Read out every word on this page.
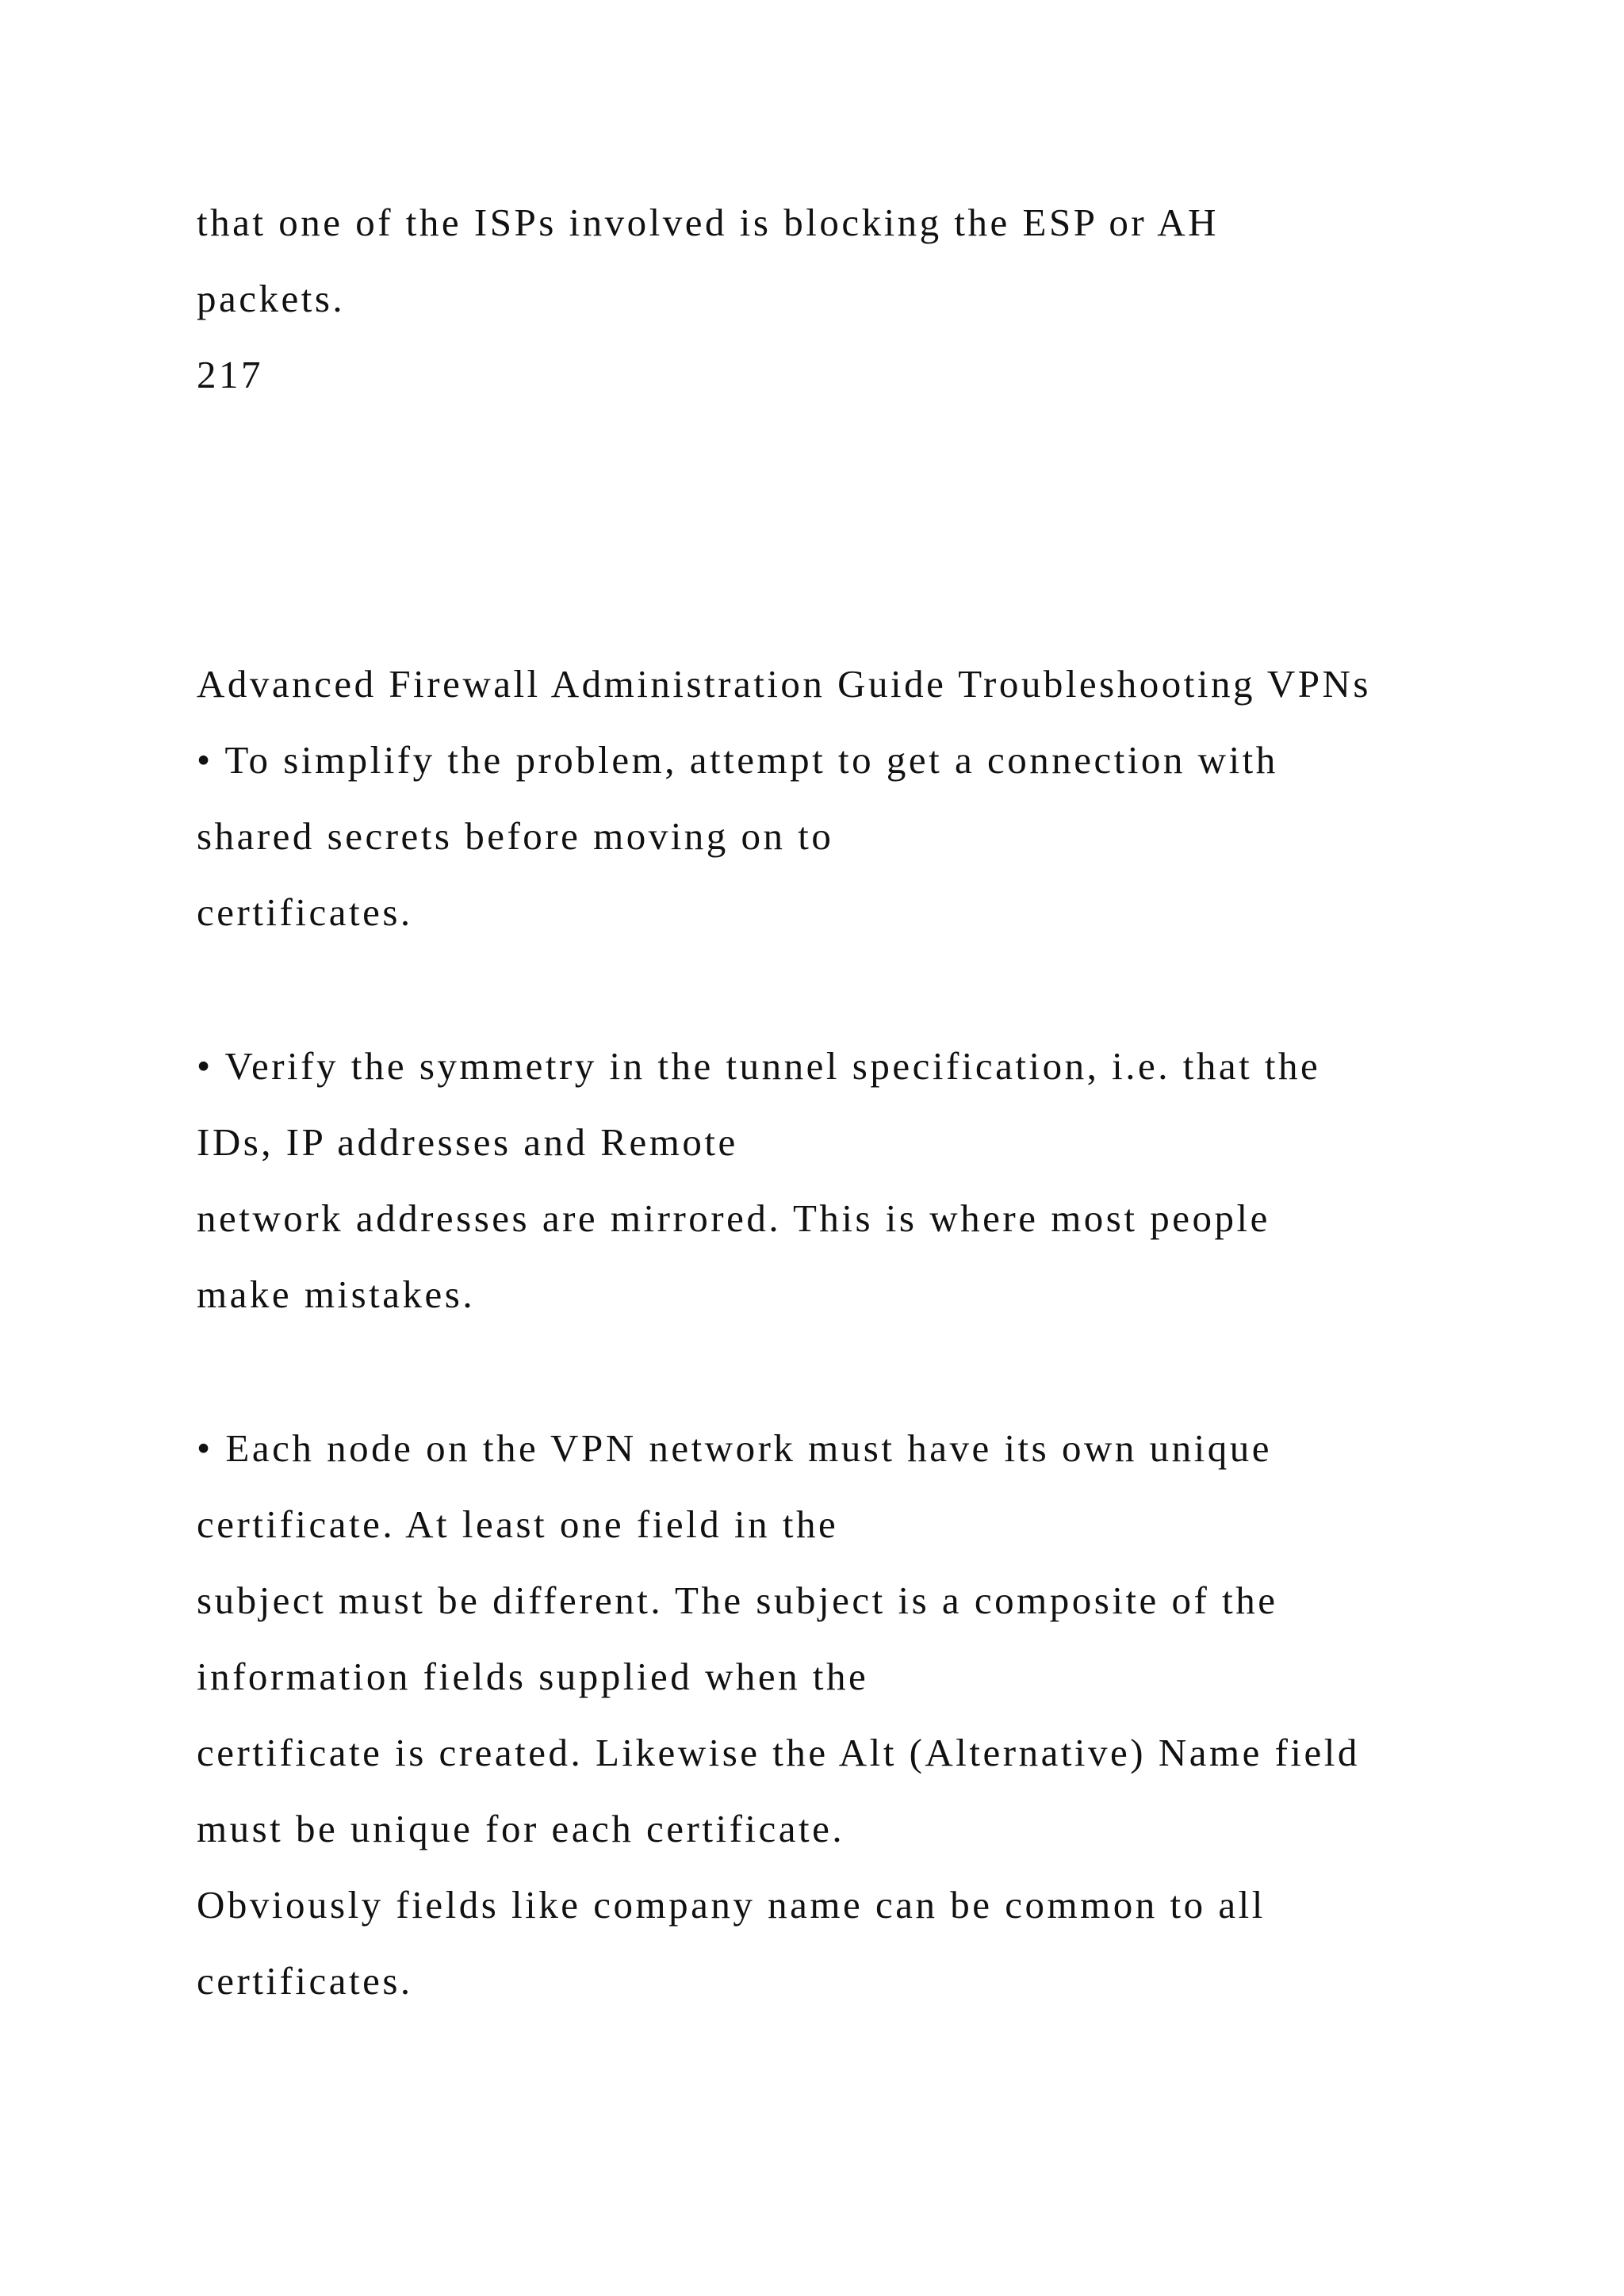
that one of the ISPs involved is blocking the ESP or AH

packets.

217

Advanced Firewall Administration Guide Troubleshooting VPNs

• To simplify the problem, attempt to get a connection with

shared secrets before moving on to

certificates.

• Verify the symmetry in the tunnel specification, i.e. that the

IDs, IP addresses and Remote

network addresses are mirrored. This is where most people

make mistakes.

• Each node on the VPN network must have its own unique

certificate. At least one field in the

subject must be different. The subject is a composite of the

information fields supplied when the

certificate is created. Likewise the Alt (Alternative) Name field

must be unique for each certificate.

Obviously fields like company name can be common to all

certificates.
